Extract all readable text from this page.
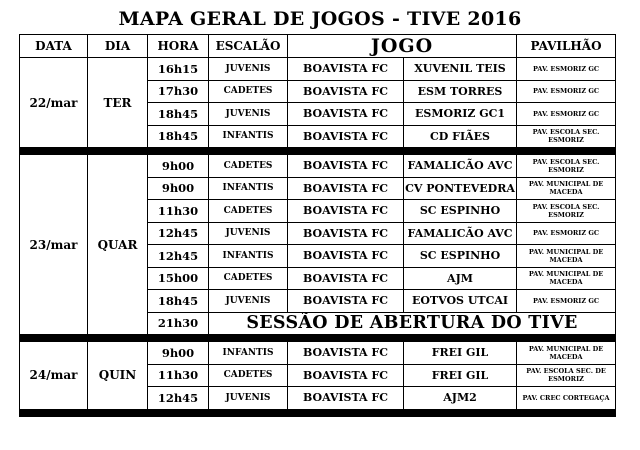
MAPA GERAL DE JOGOS - TIVE 2016
DATA	DIA	HORA	ESCALÃO	JOGO		PAVILHÃO
22/mar	TER	16h15	JUVENIS	BOAVISTA FC	XUVENIL TEIS	PAV. ESMORIZ GC
		17h30	CADETES	BOAVISTA FC	ESM TORRES	PAV. ESMORIZ GC
		18h45	JUVENIS	BOAVISTA FC	ESMORIZ GC1	PAV. ESMORIZ GC
		18h45	INFANTIS	BOAVISTA FC	CD FIÃES	PAV. ESCOLA SEC. ESMORIZ

23/mar	QUAR	9h00	CADETES	BOAVISTA FC	FAMALICÃO AVC	PAV. ESCOLA SEC. ESMORIZ
		9h00	INFANTIS	BOAVISTA FC	CV PONTEVEDRA	PAV. MUNICIPAL DE MACEDA
		11h30	CADETES	BOAVISTA FC	SC ESPINHO	PAV. ESCOLA SEC. ESMORIZ
		12h45	JUVENIS	BOAVISTA FC	FAMALICÃO AVC	PAV. ESMORIZ GC
		12h45	INFANTIS	BOAVISTA FC	SC ESPINHO	PAV. MUNICIPAL DE MACEDA
		15h00	CADETES	BOAVISTA FC	AJM	PAV. MUNICIPAL DE MACEDA
		18h45	JUVENIS	BOAVISTA FC	EOTVOS UTCAI	PAV. ESMORIZ GC
		21h30	SESSÃO DE ABERTURA DO TIVE			

24/mar	QUIN	9h00	INFANTIS	BOAVISTA FC	FREI GIL	PAV. MUNICIPAL DE MACEDA
		11h30	CADETES	BOAVISTA FC	FREI GIL	PAV. ESCOLA SEC. DE ESMORIZ
		12h45	JUVENIS	BOAVISTA FC	AJM2	PAV. CREC CORTEGAÇA
